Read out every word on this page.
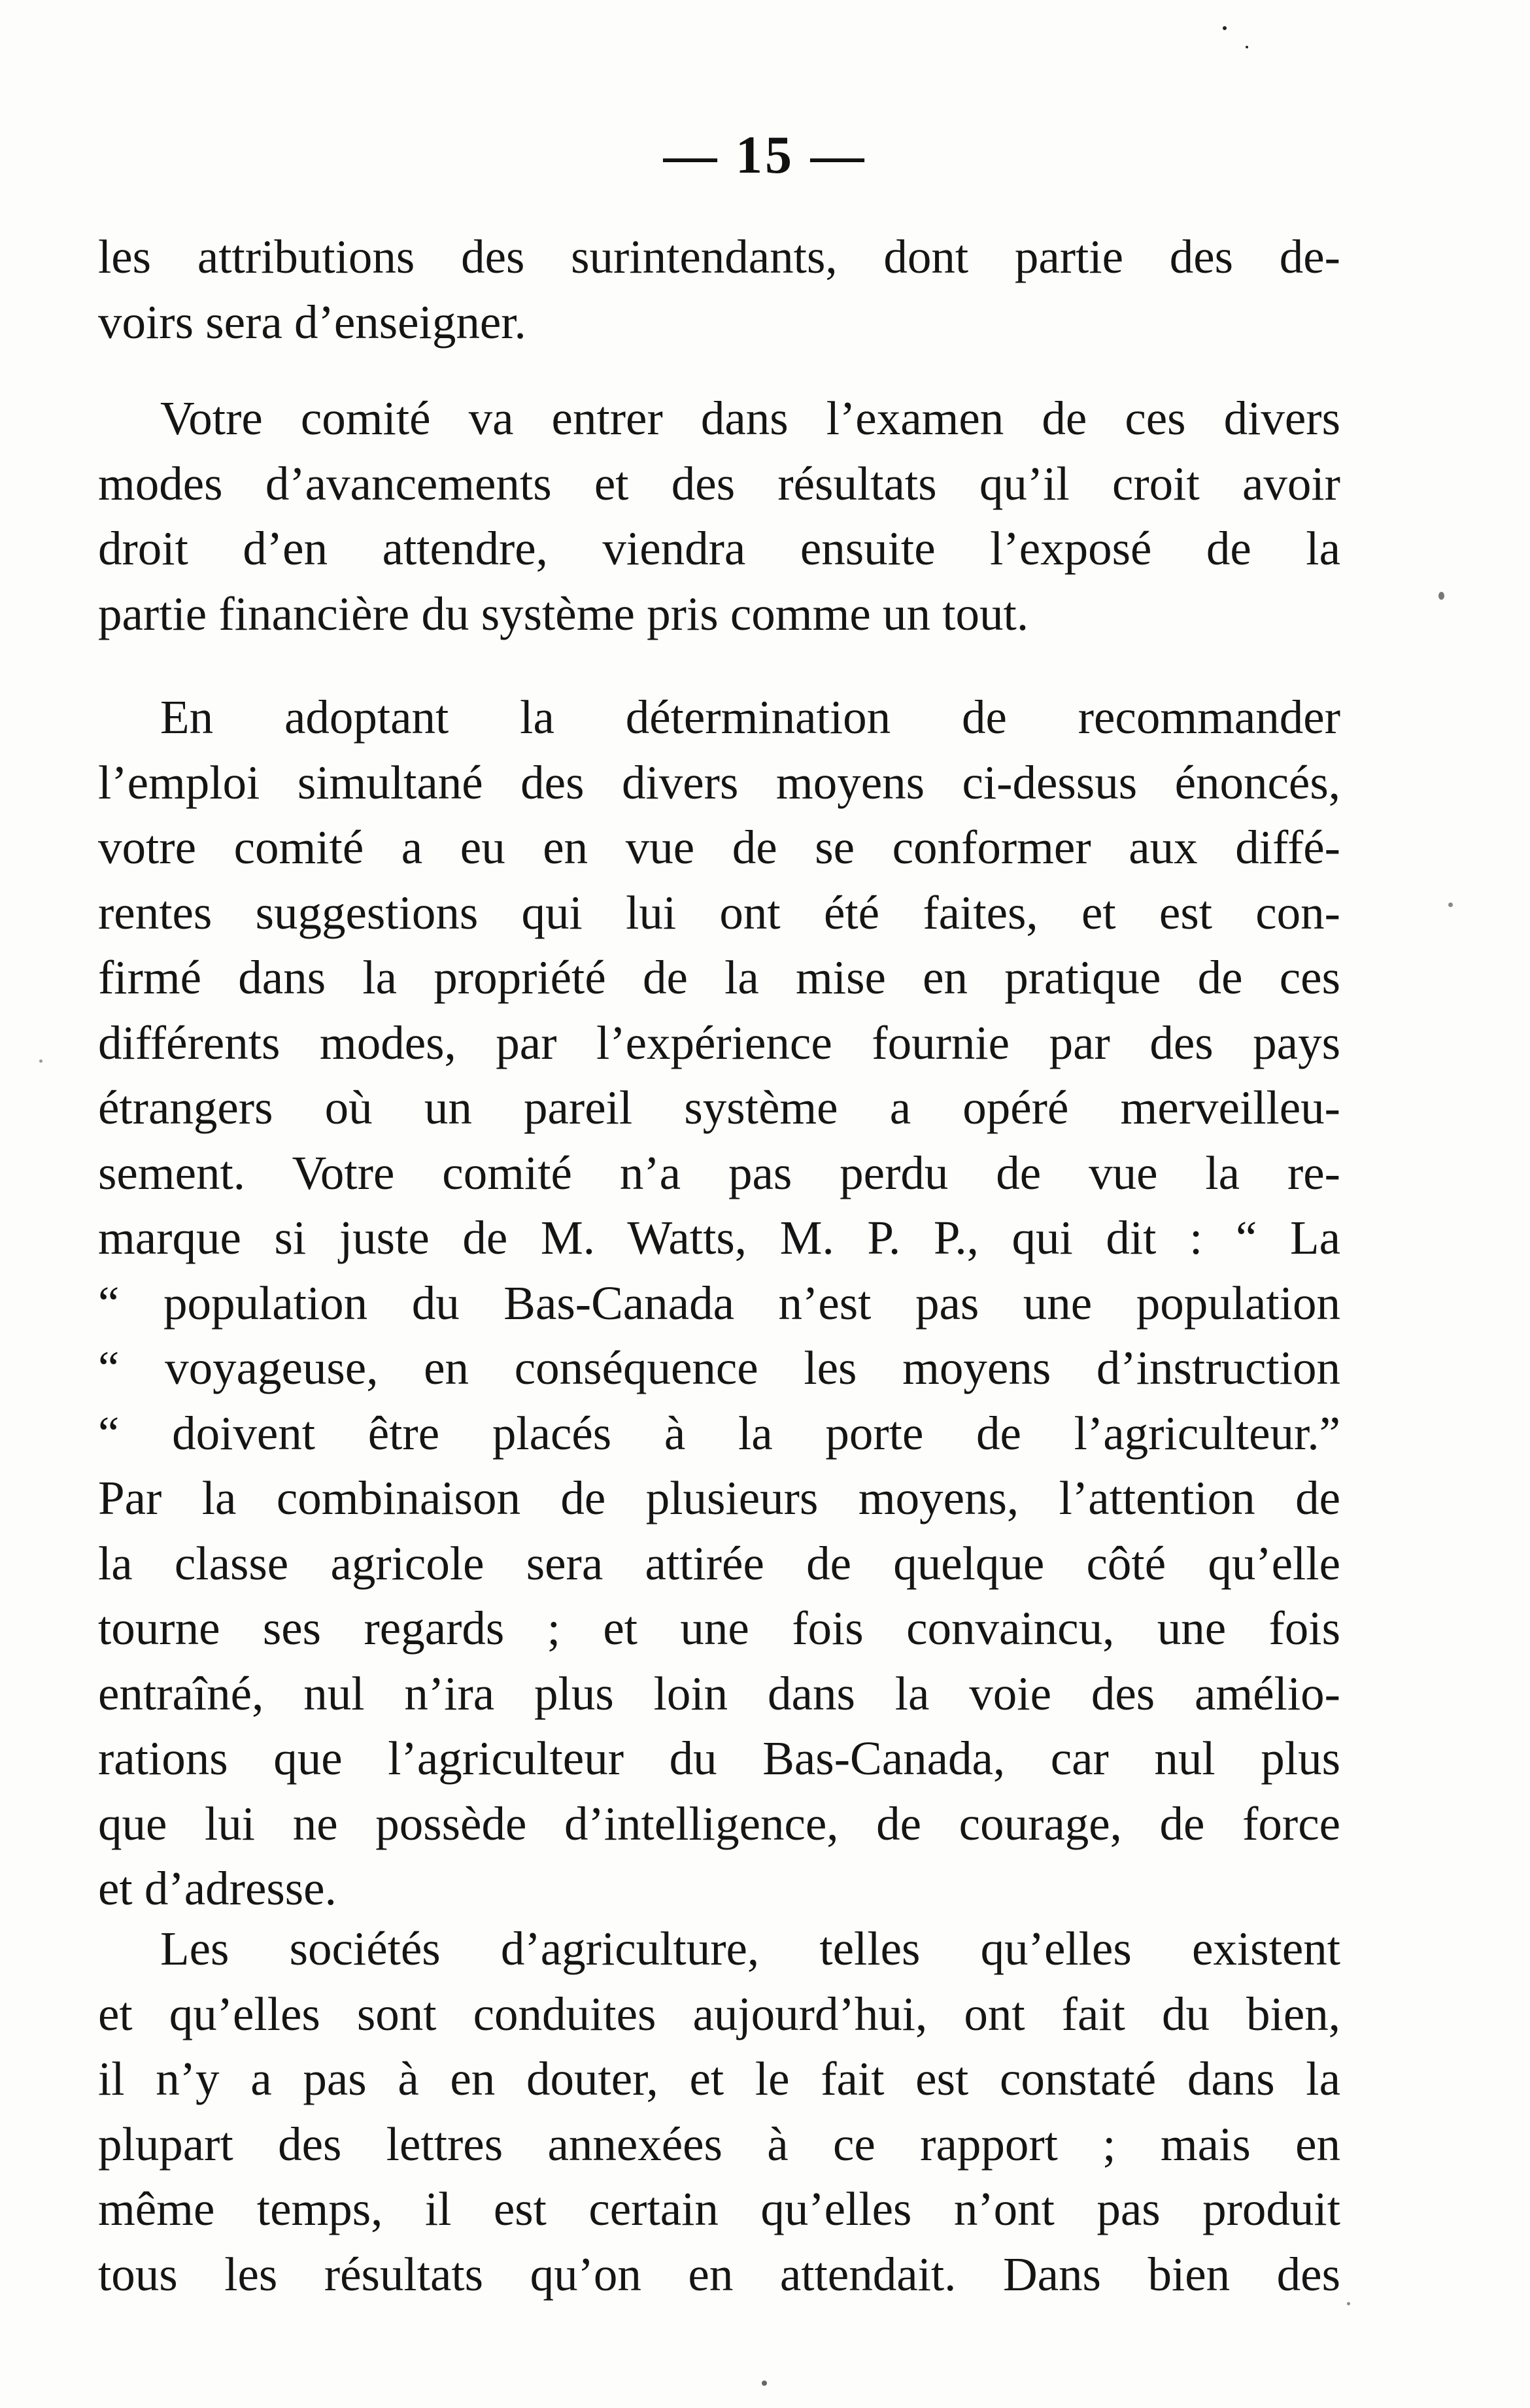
— 15 —
les attributions des surintendants, dont partie des de-
voirs sera d’enseigner.
Votre comité va entrer dans l’examen de ces divers
modes d’avancements et des résultats qu’il croit avoir
droit d’en attendre, viendra ensuite l’exposé de la
partie financière du système pris comme un tout.
En adoptant la détermination de recommander
l’emploi simultané des divers moyens ci-dessus énoncés,
votre comité a eu en vue de se conformer aux diffé-
rentes suggestions qui lui ont été faites, et est con-
firmé dans la propriété de la mise en pratique de ces
différents modes, par l’expérience fournie par des pays
étrangers où un pareil système a opéré merveilleu-
sement. Votre comité n’a pas perdu de vue la re-
marque si juste de M. Watts, M. P. P., qui dit : “ La
“ population du Bas-Canada n’est pas une population
“ voyageuse, en conséquence les moyens d’instruction
“ doivent être placés à la porte de l’agriculteur.”
Par la combinaison de plusieurs moyens, l’attention de
la classe agricole sera attirée de quelque côté qu’elle
tourne ses regards ; et une fois convaincu, une fois
entraîné, nul n’ira plus loin dans la voie des amélio-
rations que l’agriculteur du Bas-Canada, car nul plus
que lui ne possède d’intelligence, de courage, de force
et d’adresse.
Les sociétés d’agriculture, telles qu’elles existent
et qu’elles sont conduites aujourd’hui, ont fait du bien,
il n’y a pas à en douter, et le fait est constaté dans la
plupart des lettres annexées à ce rapport ; mais en
même temps, il est certain qu’elles n’ont pas produit
tous les résultats qu’on en attendait. Dans bien des
